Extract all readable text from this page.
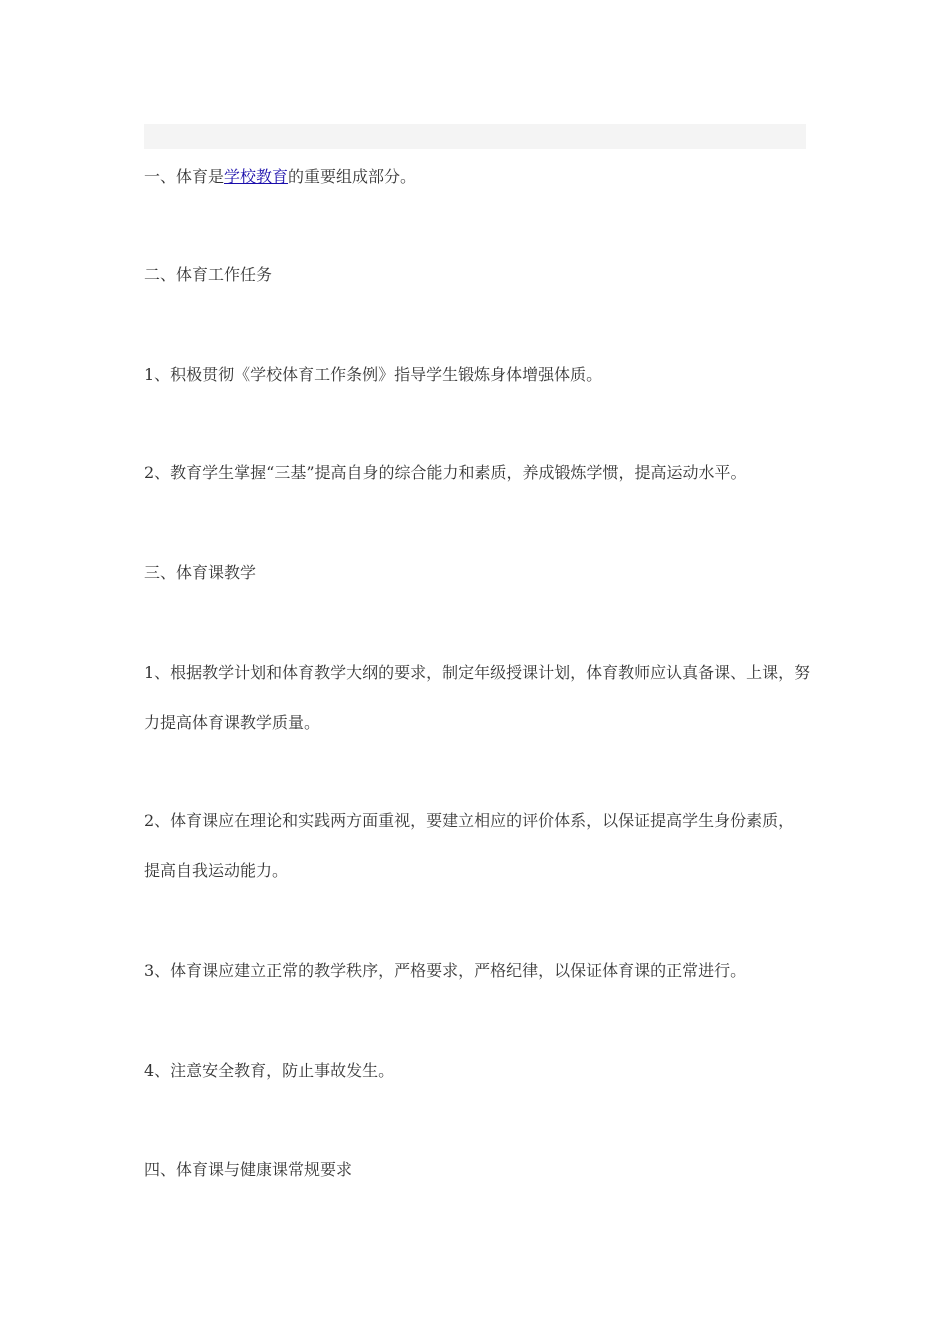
一、体育是学校教育的重要组成部分。
二、体育工作任务
1、积极贯彻《学校体育工作条例》指导学生锻炼身体增强体质。
2、教育学生掌握“三基”提高自身的综合能力和素质，养成锻炼学惯，提高运动水平。
三、体育课教学
1、根据教学计划和体育教学大纲的要求，制定年级授课计划，体育教师应认真备课、上课，努
力提高体育课教学质量。
2、体育课应在理论和实践两方面重视，要建立相应的评价体系，以保证提高学生身份素质，
提高自我运动能力。
3、体育课应建立正常的教学秩序，严格要求，严格纪律，以保证体育课的正常进行。
4、注意安全教育，防止事故发生。
四、体育课与健康课常规要求
